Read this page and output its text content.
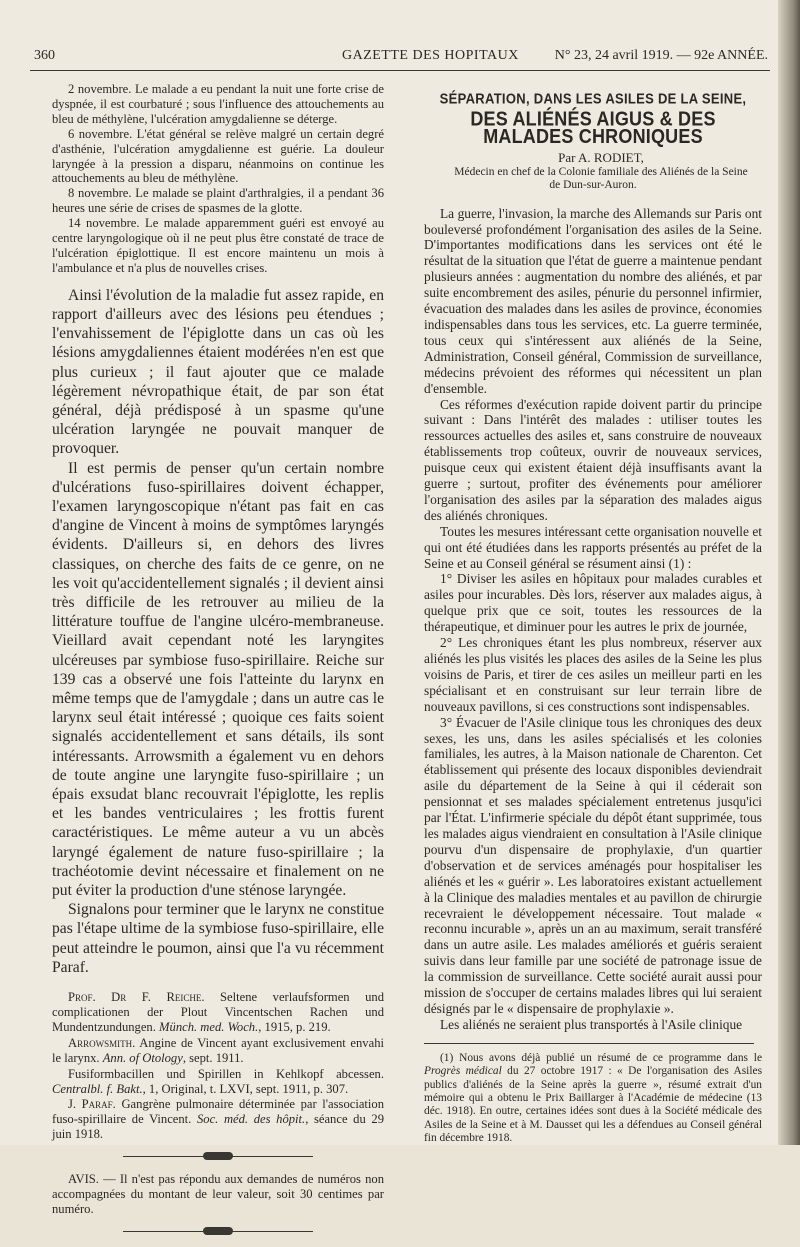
360	GAZETTE DES HOPITAUX	N° 23, 24 avril 1919. — 92e ANNÉE.

2 novembre. Le malade a eu pendant la nuit une forte crise de dyspnée, il est courbaturé ; sous l'influence des attouchements au bleu de méthylène, l'ulcération amygdalienne se déterge.

6 novembre. L'état général se relève malgré un certain degré d'asthénie, l'ulcération amygdalienne est guérie. La douleur laryngée à la pression a disparu, néanmoins on continue les attouchements au bleu de méthylène.

8 novembre. Le malade se plaint d'arthralgies, il a pendant 36 heures une série de crises de spasmes de la glotte.

14 novembre. Le malade apparemment guéri est envoyé au centre laryngologique où il ne peut plus être constaté de trace de l'ulcération épiglottique. Il est encore maintenu un mois à l'ambulance et n'a plus de nouvelles crises.

Ainsi l'évolution de la maladie fut assez rapide, en rapport d'ailleurs avec des lésions peu étendues ; l'envahissement de l'épiglotte dans un cas où les lésions amygdaliennes étaient modérées n'en est que plus curieux ; il faut ajouter que ce malade légèrement névropathique était, de par son état général, déjà prédisposé à un spasme qu'une ulcération laryngée ne pouvait manquer de provoquer.

Il est permis de penser qu'un certain nombre d'ulcérations fuso-spirillaires doivent échapper, l'examen laryngoscopique n'étant pas fait en cas d'angine de Vincent à moins de symptômes laryngés évidents. D'ailleurs si, en dehors des livres classiques, on cherche des faits de ce genre, on ne les voit qu'accidentellement signalés ; il devient ainsi très difficile de les retrouver au milieu de la littérature touffue de l'angine ulcéro-membraneuse. Vieillard avait cependant noté les laryngites ulcéreuses par symbiose fuso-spirillaire. Reiche sur 139 cas a observé une fois l'atteinte du larynx en même temps que de l'amygdale ; dans un autre cas le larynx seul était intéressé ; quoique ces faits soient signalés accidentellement et sans détails, ils sont intéressants. Arrowsmith a également vu en dehors de toute angine une laryngite fuso-spirillaire ; un épais exsudat blanc recouvrait l'épiglotte, les replis et les bandes ventriculaires ; les frottis furent caractéristiques. Le même auteur a vu un abcès laryngé également de nature fuso-spirillaire ; la trachéotomie devint nécessaire et finalement on ne put éviter la production d'une sténose laryngée.

Signalons pour terminer que le larynx ne constitue pas l'étape ultime de la symbiose fuso-spirillaire, elle peut atteindre le poumon, ainsi que l'a vu récemment Paraf.

Prof. Dr F. Reiche. Seltene verlaufsformen und complicationen der Plout Vincentschen Rachen und Mundentzundungen. Münch. med. Woch., 1915, p. 219.

Arrowsmith. Angine de Vincent ayant exclusivement envahi le larynx. Ann. of Otology, sept. 1911.

Fusiformbacillen und Spirillen in Kehlkopf abcessen. Centralbl. f. Bakt., 1, Original, t. LXVI, sept. 1911, p. 307.

J. Paraf. Gangrène pulmonaire déterminée par l'association fuso-spirillaire de Vincent. Soc. méd. des hôpit., séance du 29 juin 1918.

AVIS. — Il n'est pas répondu aux demandes de numéros non accompagnées du montant de leur valeur, soit 30 centimes par numéro.

SÉPARATION, DANS LES ASILES DE LA SEINE,
DES ALIÉNÉS AIGUS & DES MALADES CHRONIQUES

Par A. RODIET,

Médecin en chef de la Colonie familiale des Aliénés de la Seine de Dun-sur-Auron.

La guerre, l'invasion, la marche des Allemands sur Paris ont bouleversé profondément l'organisation des asiles de la Seine. D'importantes modifications dans les services ont été le résultat de la situation que l'état de guerre a maintenue pendant plusieurs années : augmentation du nombre des aliénés, et par suite encombrement des asiles, pénurie du personnel infirmier, évacuation des malades dans les asiles de province, économies indispensables dans tous les services, etc. La guerre terminée, tous ceux qui s'intéressent aux aliénés de la Seine, Administration, Conseil général, Commission de surveillance, médecins prévoient des réformes qui nécessitent un plan d'ensemble.

Ces réformes d'exécution rapide doivent partir du principe suivant : Dans l'intérêt des malades : utiliser toutes les ressources actuelles des asiles et, sans construire de nouveaux établissements trop coûteux, ouvrir de nouveaux services, puisque ceux qui existent étaient déjà insuffisants avant la guerre ; surtout, profiter des événements pour améliorer l'organisation des asiles par la séparation des malades aigus des aliénés chroniques.

Toutes les mesures intéressant cette organisation nouvelle et qui ont été étudiées dans les rapports présentés au préfet de la Seine et au Conseil général se résument ainsi (1) :

1° Diviser les asiles en hôpitaux pour malades curables et asiles pour incurables. Dès lors, réserver aux malades aigus, à quelque prix que ce soit, toutes les ressources de la thérapeutique, et diminuer pour les autres le prix de journée,

2° Les chroniques étant les plus nombreux, réserver aux aliénés les plus visités les places des asiles de la Seine les plus voisins de Paris, et tirer de ces asiles un meilleur parti en les spécialisant et en construisant sur leur terrain libre de nouveaux pavillons, si ces constructions sont indispensables.

3° Évacuer de l'Asile clinique tous les chroniques des deux sexes, les uns, dans les asiles spécialisés et les colonies familiales, les autres, à la Maison nationale de Charenton. Cet établissement qui présente des locaux disponibles deviendrait asile du département de la Seine à qui il céderait son pensionnat et ses malades spécialement entretenus jusqu'ici par l'État. L'infirmerie spéciale du dépôt étant supprimée, tous les malades aigus viendraient en consultation à l'Asile clinique pourvu d'un dispensaire de prophylaxie, d'un quartier d'observation et de services aménagés pour hospitaliser les aliénés et les « guérir ». Les laboratoires existant actuellement à la Clinique des maladies mentales et au pavillon de chirurgie recevraient le développement nécessaire. Tout malade « reconnu incurable », après un an au maximum, serait transféré dans un autre asile. Les malades améliorés et guéris seraient suivis dans leur famille par une société de patronage issue de la commission de surveillance. Cette société aurait aussi pour mission de s'occuper de certains malades libres qui lui seraient désignés par le « dispensaire de prophylaxie ».

Les aliénés ne seraient plus transportés à l'Asile clinique

(1) Nous avons déjà publié un résumé de ce programme dans le Progrès médical du 27 octobre 1917 : « De l'organisation des Asiles publics d'aliénés de la Seine après la guerre », résumé extrait d'un mémoire qui a obtenu le Prix Baillarger à l'Académie de médecine (13 déc. 1918). En outre, certaines idées sont dues à la Société médicale des Asiles de la Seine et à M. Dausset qui les a défendues au Conseil général fin décembre 1918.
